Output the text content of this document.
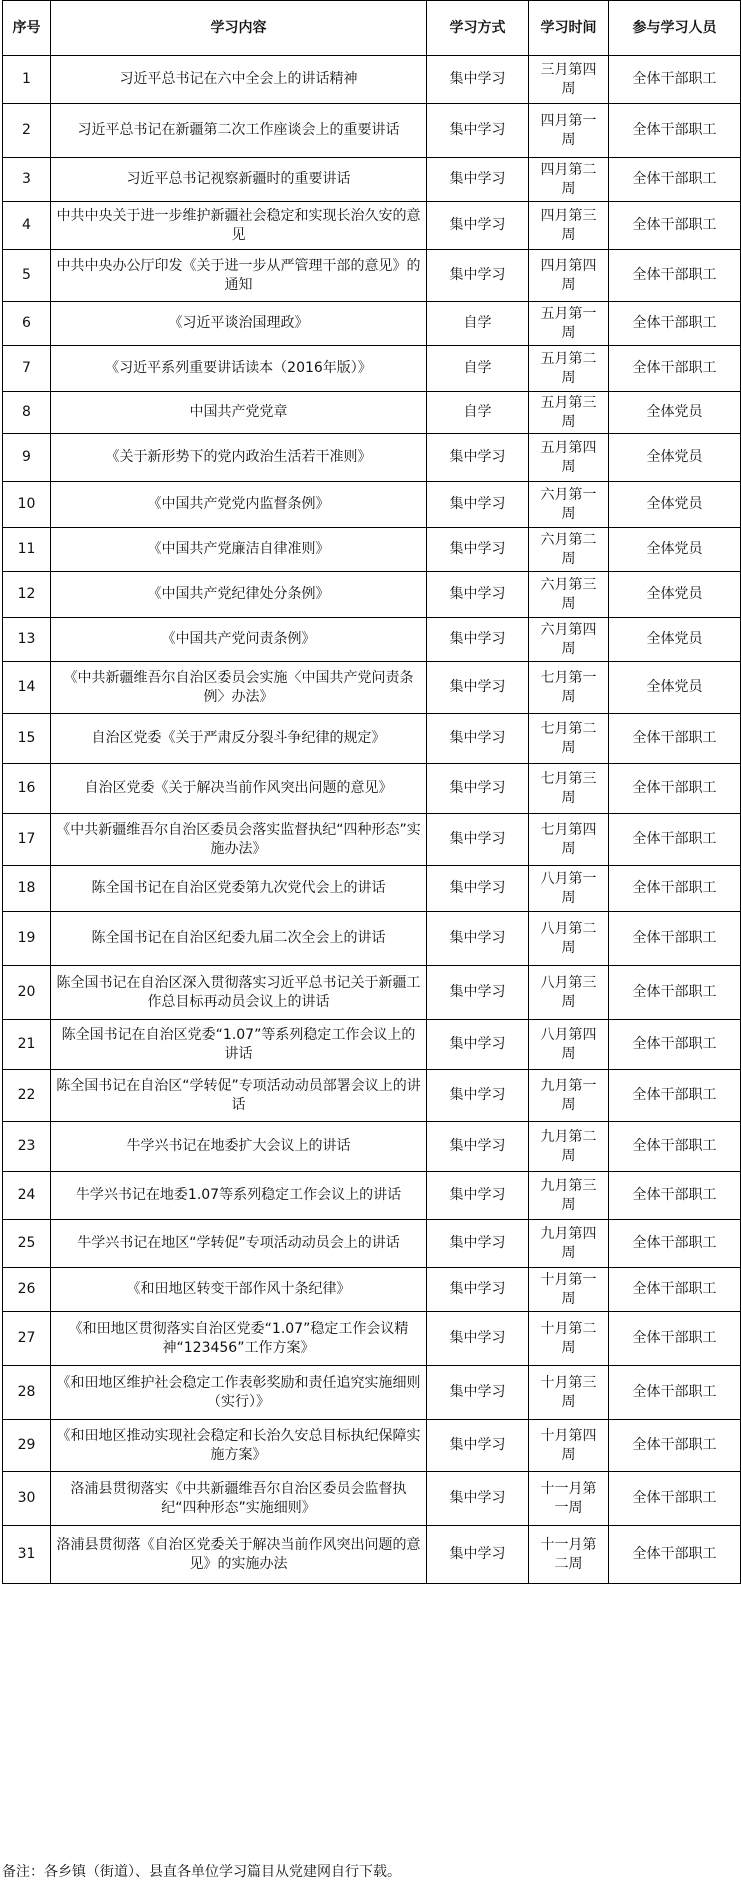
序号	学习内容	学习方式	学习时间	参与学习人员
1	习近平总书记在六中全会上的讲话精神	集中学习	三月第四周	全体干部职工
2	习近平总书记在新疆第二次工作座谈会上的重要讲话	集中学习	四月第一周	全体干部职工
3	习近平总书记视察新疆时的重要讲话	集中学习	四月第二周	全体干部职工
4	中共中央关于进一步维护新疆社会稳定和实现长治久安的意见	集中学习	四月第三周	全体干部职工
5	中共中央办公厅印发《关于进一步从严管理干部的意见》的通知	集中学习	四月第四周	全体干部职工
6	《习近平谈治国理政》	自学	五月第一周	全体干部职工
7	《习近平系列重要讲话读本（2016年版）》	自学	五月第二周	全体干部职工
8	中国共产党党章	自学	五月第三周	全体党员
9	《关于新形势下的党内政治生活若干准则》	集中学习	五月第四周	全体党员
10	《中国共产党党内监督条例》	集中学习	六月第一周	全体党员
11	《中国共产党廉洁自律准则》	集中学习	六月第二周	全体党员
12	《中国共产党纪律处分条例》	集中学习	六月第三周	全体党员
13	《中国共产党问责条例》	集中学习	六月第四周	全体党员
14	《中共新疆维吾尔自治区委员会实施〈中国共产党问责条例〉办法》	集中学习	七月第一周	全体党员
15	自治区党委《关于严肃反分裂斗争纪律的规定》	集中学习	七月第二周	全体干部职工
16	自治区党委《关于解决当前作风突出问题的意见》	集中学习	七月第三周	全体干部职工
17	《中共新疆维吾尔自治区委员会落实监督执纪“四种形态”实施办法》	集中学习	七月第四周	全体干部职工
18	陈全国书记在自治区党委第九次党代会上的讲话	集中学习	八月第一周	全体干部职工
19	陈全国书记在自治区纪委九届二次全会上的讲话	集中学习	八月第二周	全体干部职工
20	陈全国书记在自治区深入贯彻落实习近平总书记关于新疆工作总目标再动员会议上的讲话	集中学习	八月第三周	全体干部职工
21	陈全国书记在自治区党委“1.07”等系列稳定工作会议上的讲话	集中学习	八月第四周	全体干部职工
22	陈全国书记在自治区“学转促”专项活动动员部署会议上的讲话	集中学习	九月第一周	全体干部职工
23	牛学兴书记在地委扩大会议上的讲话	集中学习	九月第二周	全体干部职工
24	牛学兴书记在地委1.07等系列稳定工作会议上的讲话	集中学习	九月第三周	全体干部职工
25	牛学兴书记在地区“学转促”专项活动动员会上的讲话	集中学习	九月第四周	全体干部职工
26	《和田地区转变干部作风十条纪律》	集中学习	十月第一周	全体干部职工
27	《和田地区贯彻落实自治区党委“1.07”稳定工作会议精神“123456”工作方案》	集中学习	十月第二周	全体干部职工
28	《和田地区维护社会稳定工作表彰奖励和责任追究实施细则（实行）》	集中学习	十月第三周	全体干部职工
29	《和田地区推动实现社会稳定和长治久安总目标执纪保障实施方案》	集中学习	十月第四周	全体干部职工
30	洛浦县贯彻落实《中共新疆维吾尔自治区委员会监督执纪“四种形态”实施细则》	集中学习	十一月第一周	全体干部职工
31	洛浦县贯彻落《自治区党委关于解决当前作风突出问题的意见》的实施办法	集中学习	十一月第二周	全体干部职工
备注：各乡镇（街道）、县直各单位学习篇目从党建网自行下载。
